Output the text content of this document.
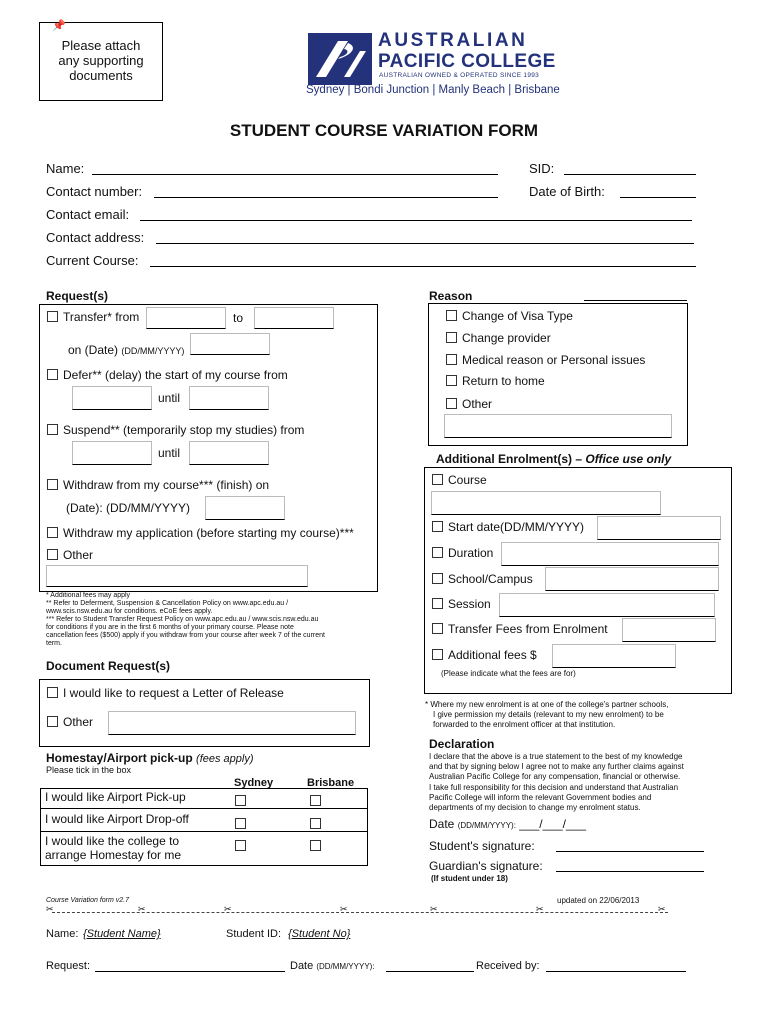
📌
Please attach
any supporting
documents
AUSTRALIAN
PACIFIC COLLEGE
AUSTRALIAN OWNED & OPERATED SINCE 1993
Sydney | Bondi Junction | Manly Beach | Brisbane
STUDENT COURSE VARIATION FORM
Name:	SID:
Contact number:	Date of Birth:
Contact email:
Contact address:
Current Course:
Request(s)
Transfer* from	to
on (Date) (DD/MM/YYYY)
Defer** (delay) the start of my course from
until
Suspend** (temporarily stop my studies) from
until
Withdraw from my course*** (finish) on
(Date): (DD/MM/YYYY)
Withdraw my application (before starting my course)***
Other
* Additional fees may apply
** Refer to Deferment, Suspension & Cancellation Policy on www.apc.edu.au /
www.scis.nsw.edu.au for conditions. eCoE fees apply.
*** Refer to Student Transfer Request Policy on www.apc.edu.au / www.scis.nsw.edu.au
for conditions if you are in the first 6 months of your primary course. Please note
cancellation fees ($500) apply if you withdraw from your course after week 7 of the current
term.
Reason
Change of Visa Type
Change provider
Medical reason or Personal issues
Return to home
Other
Additional Enrolment(s) – Office use only
Course
Start date(DD/MM/YYYY)
Duration
School/Campus
Session
Transfer Fees from Enrolment
Additional fees $
(Please indicate what the fees are for)
* Where my new enrolment is at one of the college's partner schools,
I give permission my details (relevant to my new enrolment) to be
forwarded to the enrolment officer at that institution.
Document Request(s)
I would like to request a Letter of Release
Other
Homestay/Airport pick-up (fees apply)
Please tick in the box
Sydney	Brisbane
I would like Airport Pick-up
I would like Airport Drop-off
I would like the college to
arrange Homestay for me
Declaration
I declare that the above is a true statement to the best of my knowledge
and that by signing below I agree not to make any further claims against
Australian Pacific College for any compensation, financial or otherwise.
I take full responsibility for this decision and understand that Australian
Pacific College will inform the relevant Government bodies and
departments of my decision to change my enrolment status.
Date (DD/MM/YYYY): ___/___/___
Student's signature:
Guardian's signature:
(If student under 18)
Course Variation form v2.7	updated on 22/06/2013
✂	✂	✂	✂	✂	✂	✂
Name: {Student Name}	Student ID: {Student No}
Request:	Date (DD/MM/YYYY):	Received by:
